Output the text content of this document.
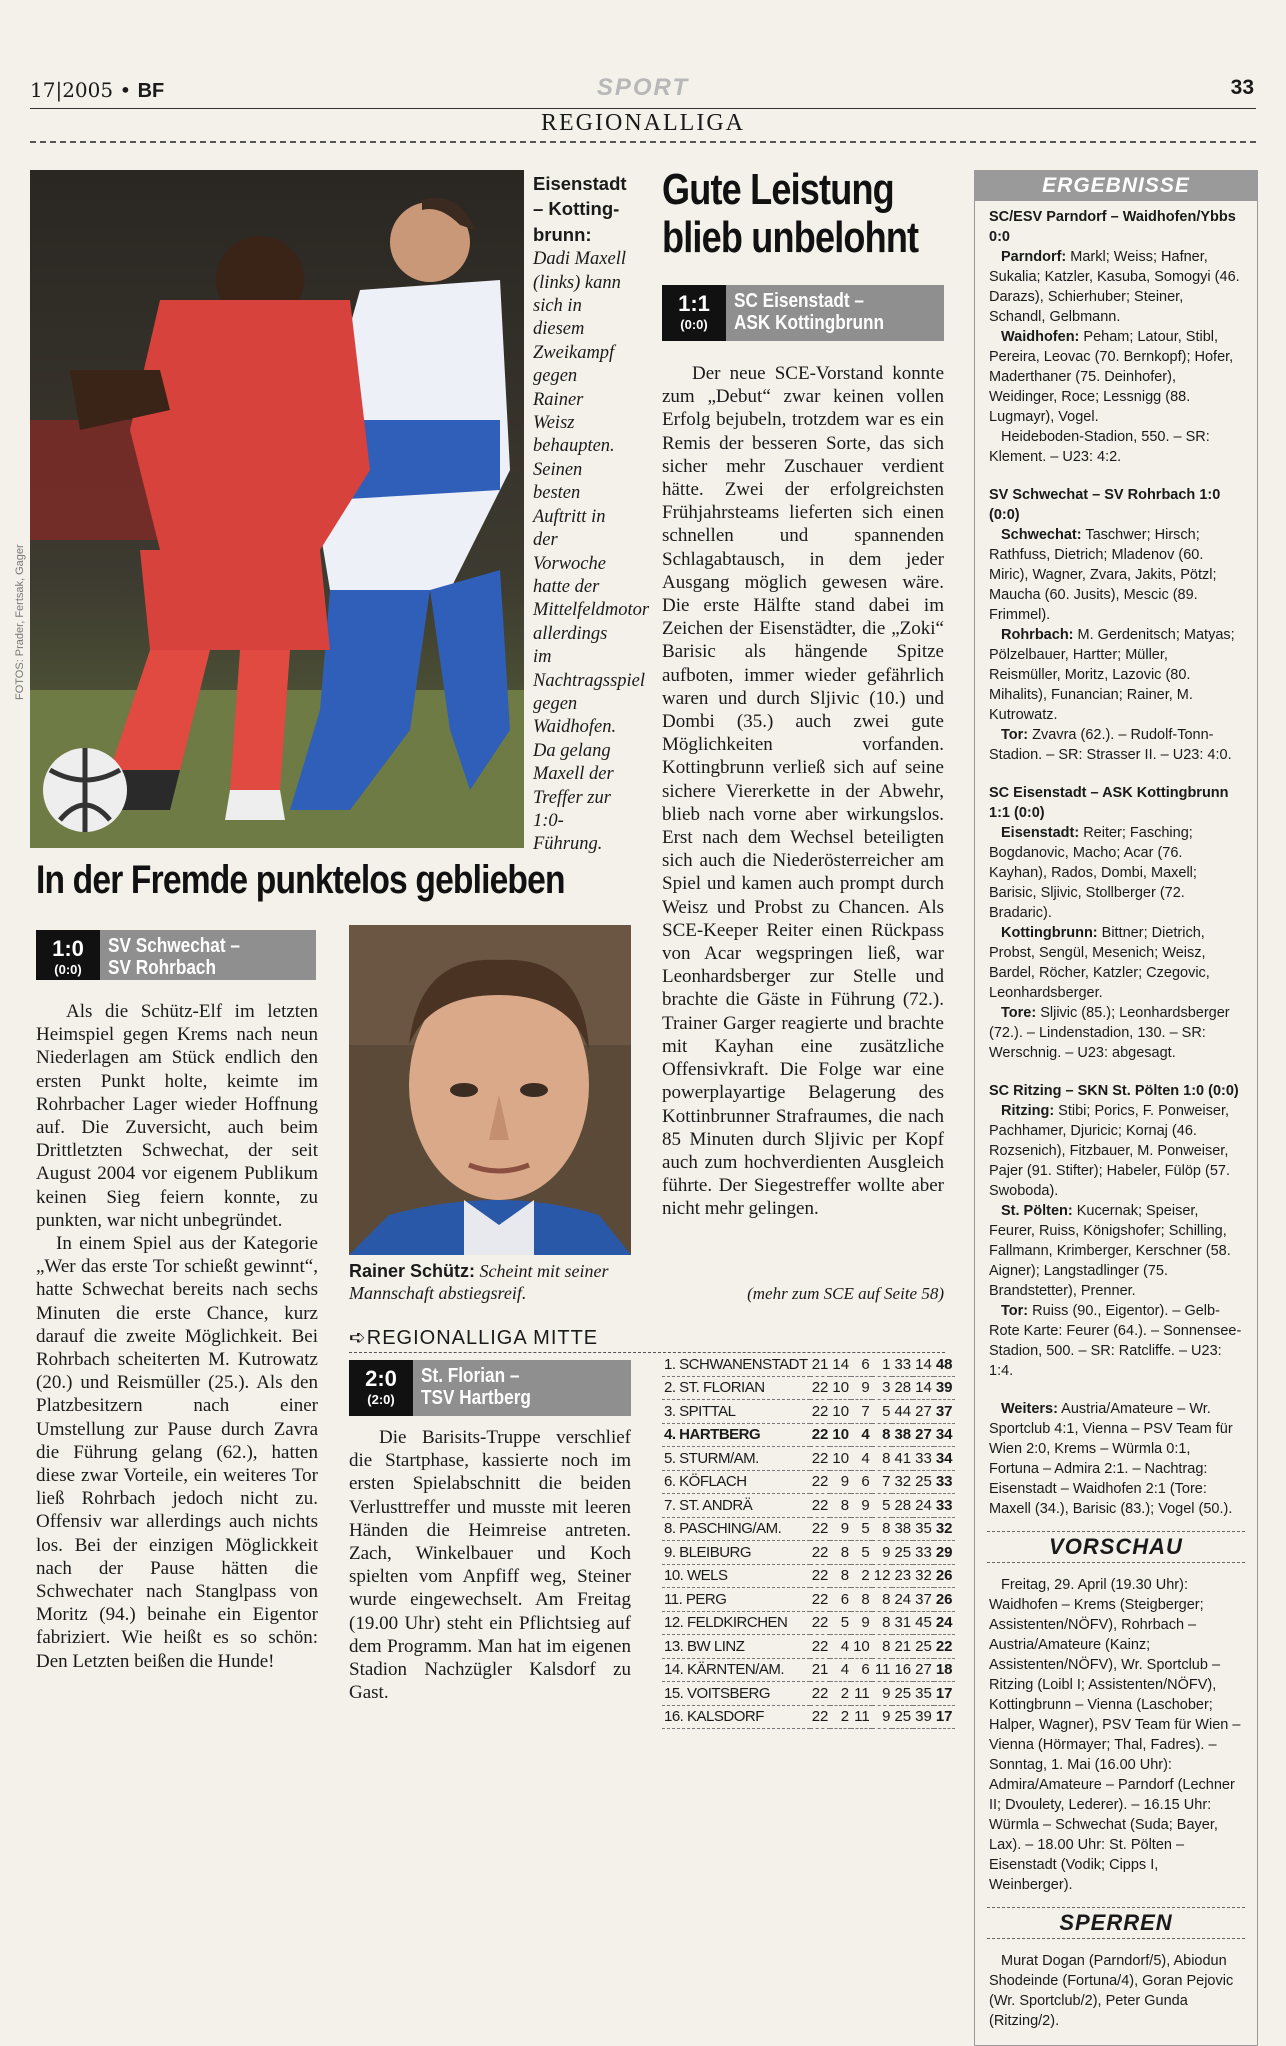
17|2005 • BF	SPORT	33
REGIONALLIGA
FOTOS: Prader, Fertsak, Gager
Eisenstadt – Kotting- brunn: Dadi Maxell (links) kann sich in diesem Zweikampf gegen Rainer Weisz behaupten. Seinen besten Auftritt in der Vorwoche hatte der Mittelfeldmotor allerdings im Nachtragsspiel gegen Waidhofen. Da gelang Maxell der Treffer zur 1:0-Führung.
In der Fremde punktelos geblieben
1:0
(0:0)
SV Schwechat –
SV Rohrbach

Als die Schütz-Elf im letzten Heimspiel gegen Krems nach neun Niederlagen am Stück endlich den ersten Punkt holte, keimte im Rohrbacher Lager wieder Hoffnung auf. Die Zuversicht, auch beim Drittletzten Schwechat, der seit August 2004 vor eigenem Publikum keinen Sieg feiern konnte, zu punkten, war nicht unbegründet.

In einem Spiel aus der Kategorie „Wer das erste Tor schießt gewinnt“, hatte Schwechat bereits nach sechs Minuten die erste Chance, kurz darauf die zweite Möglichkeit. Bei Rohrbach scheiterten M. Kutrowatz (20.) und Reismüller (25.). Als den Platzbesitzern nach einer Umstellung zur Pause durch Zavra die Führung gelang (62.), hatten diese zwar Vorteile, ein weiteres Tor ließ Rohrbach jedoch nicht zu. Offensiv war allerdings auch nichts los. Bei der einzigen Möglickkeit nach der Pause hätten die Schwechater nach Stanglpass von Moritz (94.) beinahe ein Eigentor fabriziert. Wie heißt es so schön: Den Letzten beißen die Hunde!

Rainer Schütz: Scheint mit seiner Mannschaft abstiegsreif.
Gute Leistung
blieb unbelohnt
1:1
(0:0)
SC Eisenstadt –
ASK Kottingbrunn

Der neue SCE-Vorstand konnte zum „Debut“ zwar keinen vollen Erfolg bejubeln, trotzdem war es ein Remis der besseren Sorte, das sich sicher mehr Zuschauer verdient hätte. Zwei der erfolgreichsten Frühjahrsteams lieferten sich einen schnellen und spannenden Schlagabtausch, in dem jeder Ausgang möglich gewesen wäre. Die erste Hälfte stand dabei im Zeichen der Eisenstädter, die „Zoki“ Barisic als hängende Spitze aufboten, immer wieder gefährlich waren und durch Sljivic (10.) und Dombi (35.) auch zwei gute Möglichkeiten vorfanden. Kottingbrunn verließ sich auf seine sichere Viererkette in der Abwehr, blieb nach vorne aber wirkungslos. Erst nach dem Wechsel beteiligten sich auch die Niederösterreicher am Spiel und kamen auch prompt durch Weisz und Probst zu Chancen. Als SCE-Keeper Reiter einen Rückpass von Acar wegspringen ließ, war Leonhardsberger zur Stelle und brachte die Gäste in Führung (72.). Trainer Garger reagierte und brachte mit Kayhan eine zusätzliche Offensivkraft. Die Folge war eine powerplayartige Belagerung des Kottinbrunner Strafraumes, die nach 85 Minuten durch Sljivic per Kopf auch zum hochverdienten Ausgleich führte. Der Siegestreffer wollte aber nicht mehr gelingen.

(mehr zum SCE auf Seite 58)
➪REGIONALLIGA MITTE
2:0
(2:0)
St. Florian –
TSV Hartberg

Die Barisits-Truppe verschlief die Startphase, kassierte noch im ersten Spielabschnitt die beiden Verlusttreffer und musste mit leeren Händen die Heimreise antreten. Zach, Winkelbauer und Koch spielten vom Anpfiff weg, Steiner wurde eingewechselt. Am Freitag (19.00 Uhr) steht ein Pflichtsieg auf dem Programm. Man hat im eigenen Stadion Nachzügler Kalsdorf zu Gast.

1. SCHWANENSTADT	21	14	6	1	33	14	48
2. ST. FLORIAN	22	10	9	3	28	14	39
3. SPITTAL	22	10	7	5	44	27	37
4. HARTBERG	22	10	4	8	38	27	34
5. STURM/AM.	22	10	4	8	41	33	34
6. KÖFLACH	22	9	6	7	32	25	33
7. ST. ANDRÄ	22	8	9	5	28	24	33
8. PASCHING/AM.	22	9	5	8	38	35	32
9. BLEIBURG	22	8	5	9	25	33	29
10. WELS	22	8	2	12	23	32	26
11. PERG	22	6	8	8	24	37	26
12. FELDKIRCHEN	22	5	9	8	31	45	24
13. BW LINZ	22	4	10	8	21	25	22
14. KÄRNTEN/AM.	21	4	6	11	16	27	18
15. VOITSBERG	22	2	11	9	25	35	17
16. KALSDORF	22	2	11	9	25	39	17
ERGEBNISSE

SC/ESV Parndorf – Waidhofen/Ybbs 0:0

Parndorf: Markl; Weiss; Hafner, Sukalia; Katzler, Kasuba, Somogyi (46. Darazs), Schierhuber; Steiner, Schandl, Gelbmann.

Waidhofen: Peham; Latour, Stibl, Pereira, Leovac (70. Bernkopf); Hofer, Maderthaner (75. Deinhofer), Weidinger, Roce; Lessnigg (88. Lugmayr), Vogel.

Heideboden-Stadion, 550. – SR: Klement. – U23: 4:2.

SV Schwechat – SV Rohrbach 1:0 (0:0)

Schwechat: Taschwer; Hirsch; Rathfuss, Dietrich; Mladenov (60. Miric), Wagner, Zvara, Jakits, Pötzl; Maucha (60. Jusits), Mescic (89. Frimmel).

Rohrbach: M. Gerdenitsch; Matyas; Pölzelbauer, Hartter; Müller, Reismüller, Moritz, Lazovic (80. Mihalits), Funancian; Rainer, M. Kutrowatz.

Tor: Zvavra (62.). – Rudolf-Tonn-Stadion. – SR: Strasser II. – U23: 4:0.

SC Eisenstadt – ASK Kottingbrunn 1:1 (0:0)

Eisenstadt: Reiter; Fasching; Bogdanovic, Macho; Acar (76. Kayhan), Rados, Dombi, Maxell; Barisic, Sljivic, Stollberger (72. Bradaric).

Kottingbrunn: Bittner; Dietrich, Probst, Sengül, Mesenich; Weisz, Bardel, Röcher, Katzler; Czegovic, Leonhardsberger.

Tore: Sljivic (85.); Leonhardsberger (72.). – Lindenstadion, 130. – SR: Werschnig. – U23: abgesagt.

SC Ritzing – SKN St. Pölten 1:0 (0:0)

Ritzing: Stibi; Porics, F. Ponweiser, Pachhamer, Djuricic; Kornaj (46. Rozsenich), Fitzbauer, M. Ponweiser, Pajer (91. Stifter); Habeler, Fülöp (57. Swoboda).

St. Pölten: Kucernak; Speiser, Feurer, Ruiss, Königshofer; Schilling, Fallmann, Krimberger, Kerschner (58. Aigner); Langstadlinger (75. Brandstetter), Prenner.

Tor: Ruiss (90., Eigentor). – Gelb-Rote Karte: Feurer (64.). – Sonnensee-Stadion, 500. – SR: Ratcliffe. – U23: 1:4.

Weiters: Austria/Amateure – Wr. Sportclub 4:1, Vienna – PSV Team für Wien 2:0, Krems – Würmla 0:1, Fortuna – Admira 2:1. – Nachtrag: Eisenstadt – Waidhofen 2:1 (Tore: Maxell (34.), Barisic (83.); Vogel (50.).

VORSCHAU

Freitag, 29. April (19.30 Uhr): Waidhofen – Krems (Steigberger; Assistenten/NÖFV), Rohrbach – Austria/Amateure (Kainz; Assistenten/NÖFV), Wr. Sportclub – Ritzing (Loibl I; Assistenten/NÖFV), Kottingbrunn – Vienna (Laschober; Halper, Wagner), PSV Team für Wien – Vienna (Hörmayer; Thal, Fadres). – Sonntag, 1. Mai (16.00 Uhr): Admira/Amateure – Parndorf (Lechner II; Dvoulety, Lederer). – 16.15 Uhr: Würmla – Schwechat (Suda; Bayer, Lax). – 18.00 Uhr: St. Pölten – Eisenstadt (Vodik; Cipps I, Weinberger).

SPERREN

Murat Dogan (Parndorf/5), Abiodun Shodeinde (Fortuna/4), Goran Pejovic (Wr. Sportclub/2), Peter Gunda (Ritzing/2).
